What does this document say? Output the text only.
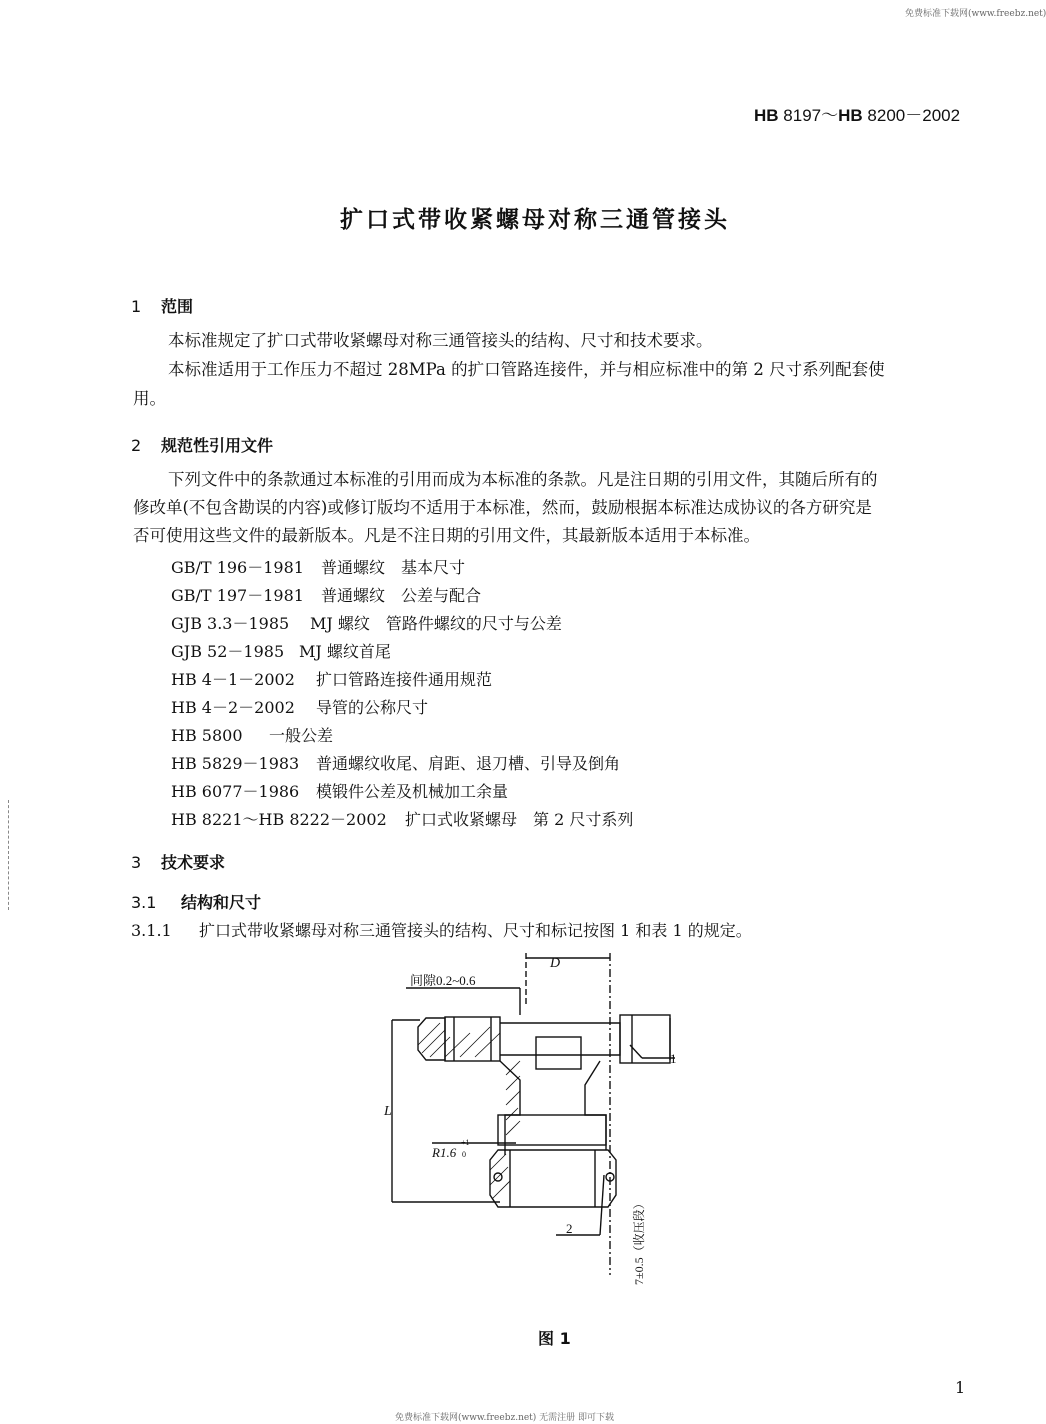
免费标准下载网(www.freebz.net)
免费标准下载网(www.freebz.net) 无需注册 即可下载
HB 8197～HB 8200－2002
扩口式带收紧螺母对称三通管接头
1 范围
本标准规定了扩口式带收紧螺母对称三通管接头的结构、尺寸和技术要求。
本标准适用于工作压力不超过 28MPa 的扩口管路连接件，并与相应标准中的第 2 尺寸系列配套使
用。
2 规范性引用文件
下列文件中的条款通过本标准的引用而成为本标准的条款。凡是注日期的引用文件，其随后所有的
修改单(不包含勘误的内容)或修订版均不适用于本标准，然而，鼓励根据本标准达成协议的各方研究是
否可使用这些文件的最新版本。凡是不注日期的引用文件，其最新版本适用于本标准。
GB/T 196－1981 普通螺纹　基本尺寸
GB/T 197－1981 普通螺纹　公差与配合
GJB 3.3－1985 MJ 螺纹　管路件螺纹的尺寸与公差
GJB 52－1985 MJ 螺纹首尾
HB 4－1－2002 扩口管路连接件通用规范
HB 4－2－2002 导管的公称尺寸
HB 5800 一般公差
HB 5829－1983 普通螺纹收尾、肩距、退刀槽、引导及倒角
HB 6077－1986 模锻件公差及机械加工余量
HB 8221～HB 8222－2002 扩口式收紧螺母　第 2 尺寸系列
3 技术要求
3.1 结构和尺寸
3.1.1 扩口式带收紧螺母对称三通管接头的结构、尺寸和标记按图 1 和表 1 的规定。
D
间隙0.2~0.6
L
R1.6
+1
0
1
2	7±0.5（收压段）
图 1
1
